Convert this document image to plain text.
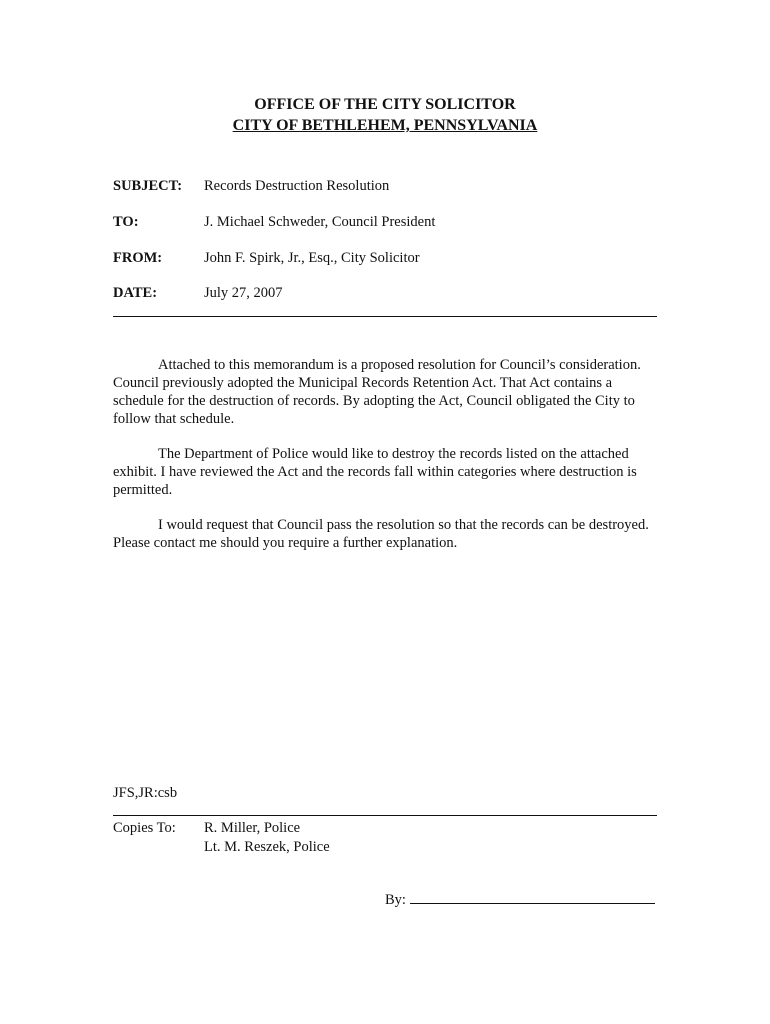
OFFICE OF THE CITY SOLICITOR
CITY OF BETHLEHEM, PENNSYLVANIA
SUBJECT: Records Destruction Resolution
TO:	J. Michael Schweder, Council President
FROM:	John F. Spirk, Jr., Esq., City Solicitor
DATE:	July 27, 2007

Attached to this memorandum is a proposed resolution for Council’s consideration. Council previously adopted the Municipal Records Retention Act. That Act contains a schedule for the destruction of records. By adopting the Act, Council obligated the City to follow that schedule.

The Department of Police would like to destroy the records listed on the attached exhibit. I have reviewed the Act and the records fall within categories where destruction is permitted.

I would request that Council pass the resolution so that the records can be destroyed. Please contact me should you require a further explanation.

JFS,JR:csb
Copies To: R. Miller, Police
Lt. M. Reszek, Police
By:
